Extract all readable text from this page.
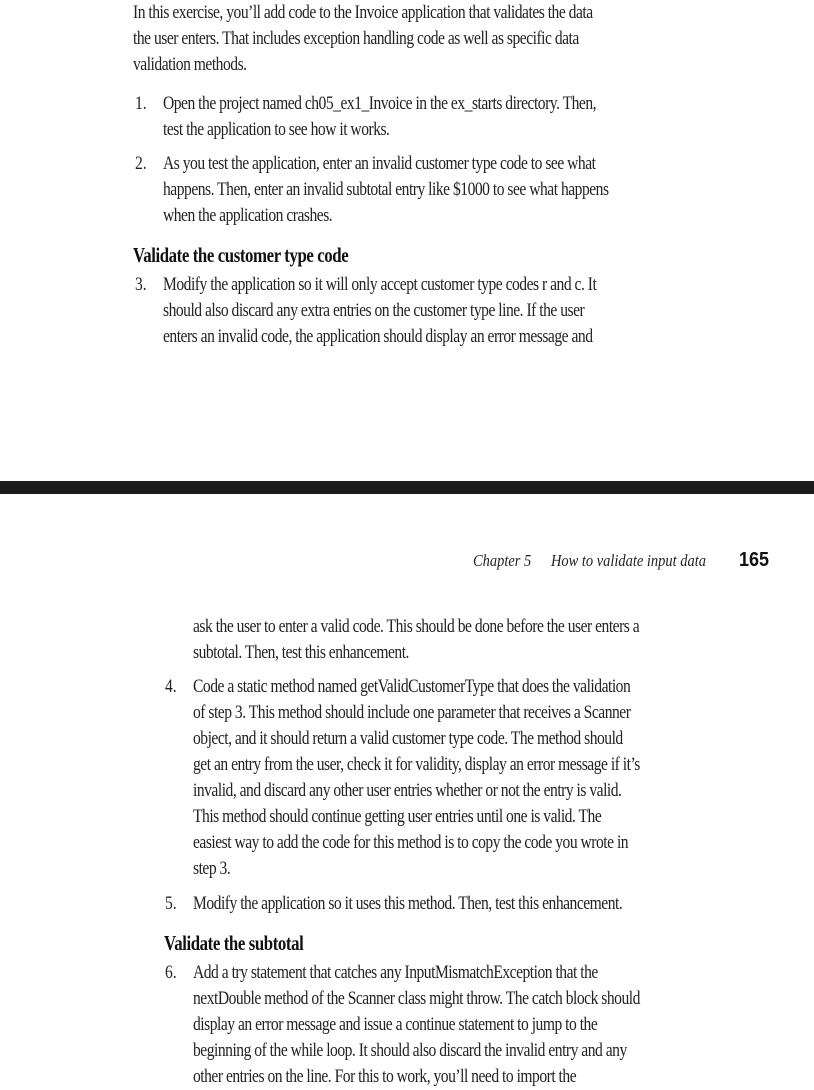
In this exercise, you’ll add code to the Invoice application that validates the data
the user enters. That includes exception handling code as well as specific data
validation methods.
1. Open the project named ch05_ex1_Invoice in the ex_starts directory. Then,
test the application to see how it works.
2. As you test the application, enter an invalid customer type code to see what
happens. Then, enter an invalid subtotal entry like $1000 to see what happens
when the application crashes.
Validate the customer type code
3. Modify the application so it will only accept customer type codes r and c. It
should also discard any extra entries on the customer type line. If the user
enters an invalid code, the application should display an error message and
Chapter 5 How to validate input data 165
ask the user to enter a valid code. This should be done before the user enters a
subtotal. Then, test this enhancement.
4. Code a static method named getValidCustomerType that does the validation
of step 3. This method should include one parameter that receives a Scanner
object, and it should return a valid customer type code. The method should
get an entry from the user, check it for validity, display an error message if it’s
invalid, and discard any other user entries whether or not the entry is valid.
This method should continue getting user entries until one is valid. The
easiest way to add the code for this method is to copy the code you wrote in
step 3.
5. Modify the application so it uses this method. Then, test this enhancement.
Validate the subtotal
6. Add a try statement that catches any InputMismatchException that the
nextDouble method of the Scanner class might throw. The catch block should
display an error message and issue a continue statement to jump to the
beginning of the while loop. It should also discard the invalid entry and any
other entries on the line. For this to work, you’ll need to import the
